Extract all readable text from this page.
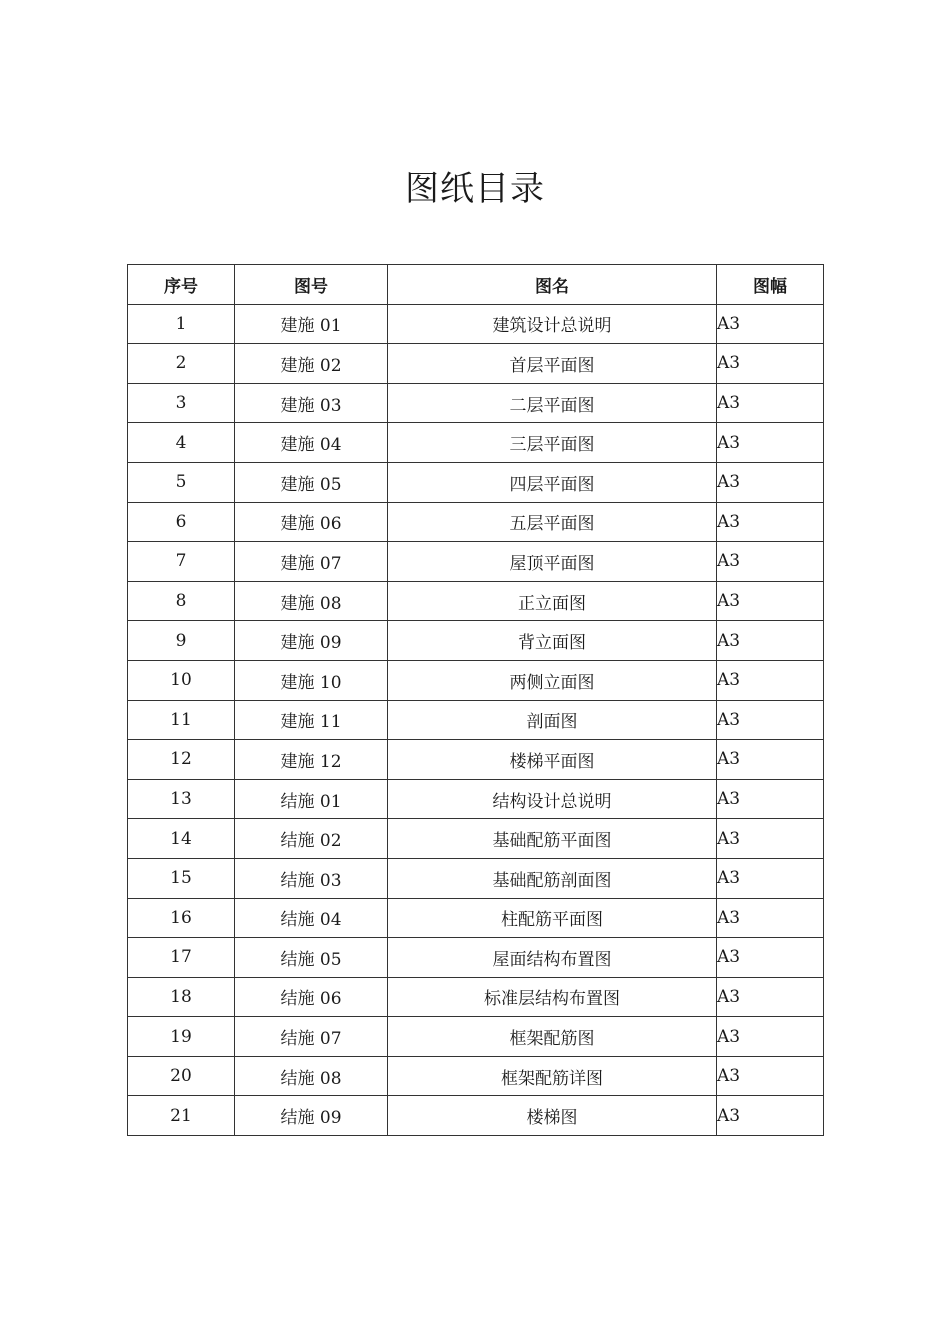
图纸目录
序号	图号	图名	图幅
1	建施 01	建筑设计总说明	A3
2	建施 02	首层平面图	A3
3	建施 03	二层平面图	A3
4	建施 04	三层平面图	A3
5	建施 05	四层平面图	A3
6	建施 06	五层平面图	A3
7	建施 07	屋顶平面图	A3
8	建施 08	正立面图	A3
9	建施 09	背立面图	A3
10	建施 10	两侧立面图	A3
11	建施 11	剖面图	A3
12	建施 12	楼梯平面图	A3
13	结施 01	结构设计总说明	A3
14	结施 02	基础配筋平面图	A3
15	结施 03	基础配筋剖面图	A3
16	结施 04	柱配筋平面图	A3
17	结施 05	屋面结构布置图	A3
18	结施 06	标准层结构布置图	A3
19	结施 07	框架配筋图	A3
20	结施 08	框架配筋详图	A3
21	结施 09	楼梯图	A3
